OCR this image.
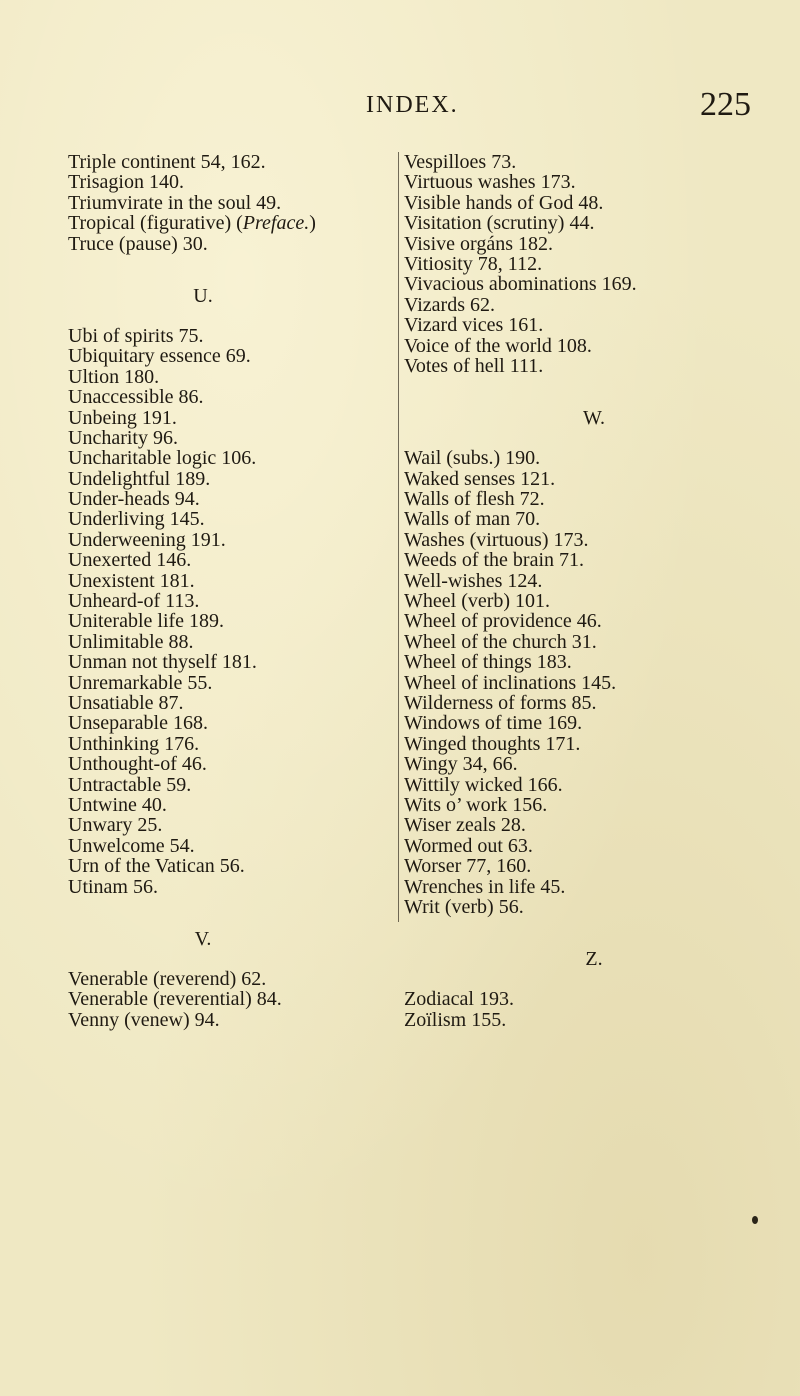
INDEX.	225
Triple continent 54, 162.
Trisagion 140.
Triumvirate in the soul 49.
Tropical (figurative) (Preface.)
Truce (pause) 30.
U.
Ubi of spirits 75.
Ubiquitary essence 69.
Ultion 180.
Unaccessible 86.
Unbeing 191.
Uncharity 96.
Uncharitable logic 106.
Undelightful 189.
Under-heads 94.
Underliving 145.
Underweening 191.
Unexerted 146.
Unexistent 181.
Unheard-of 113.
Uniterable life 189.
Unlimitable 88.
Unman not thyself 181.
Unremarkable 55.
Unsatiable 87.
Unseparable 168.
Unthinking 176.
Unthought-of 46.
Untractable 59.
Untwine 40.
Unwary 25.
Unwelcome 54.
Urn of the Vatican 56.
Utinam 56.
V.
Venerable (reverend) 62.
Venerable (reverential) 84.
Venny (venew) 94.
Vespilloes 73.
Virtuous washes 173.
Visible hands of God 48.
Visitation (scrutiny) 44.
Visive orgáns 182.
Vitiosity 78, 112.
Vivacious abominations 169.
Vizards 62.
Vizard vices 161.
Voice of the world 108.
Votes of hell 111.
W.
Wail (subs.) 190.
Waked senses 121.
Walls of flesh 72.
Walls of man 70.
Washes (virtuous) 173.
Weeds of the brain 71.
Well-wishes 124.
Wheel (verb) 101.
Wheel of providence 46.
Wheel of the church 31.
Wheel of things 183.
Wheel of inclinations 145.
Wilderness of forms 85.
Windows of time 169.
Winged thoughts 171.
Wingy 34, 66.
Wittily wicked 166.
Wits o’ work 156.
Wiser zeals 28.
Wormed out 63.
Worser 77, 160.
Wrenches in life 45.
Writ (verb) 56.
Z.
Zodiacal 193.
Zoïlism 155.
